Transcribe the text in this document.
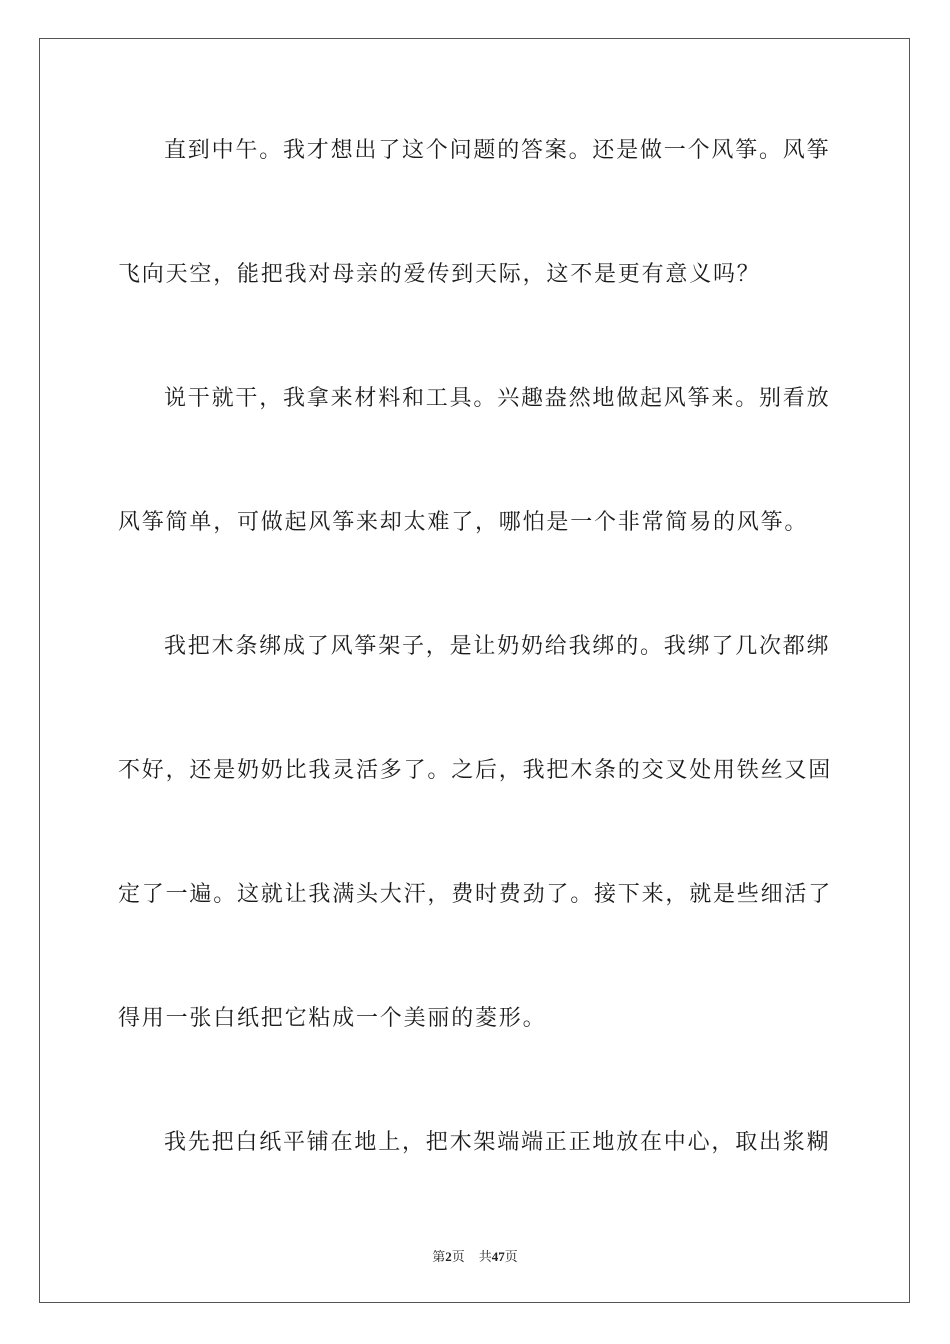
直到中午。我才想出了这个问题的答案。还是做一个风筝。风筝
飞向天空，能把我对母亲的爱传到天际，这不是更有意义吗？
说干就干，我拿来材料和工具。兴趣盎然地做起风筝来。别看放
风筝简单，可做起风筝来却太难了，哪怕是一个非常简易的风筝。
我把木条绑成了风筝架子，是让奶奶给我绑的。我绑了几次都绑
不好，还是奶奶比我灵活多了。之后，我把木条的交叉处用铁丝又固
定了一遍。这就让我满头大汗，费时费劲了。接下来，就是些细活了
得用一张白纸把它粘成一个美丽的菱形。
我先把白纸平铺在地上，把木架端端正正地放在中心，取出浆糊
第2页 共47页
